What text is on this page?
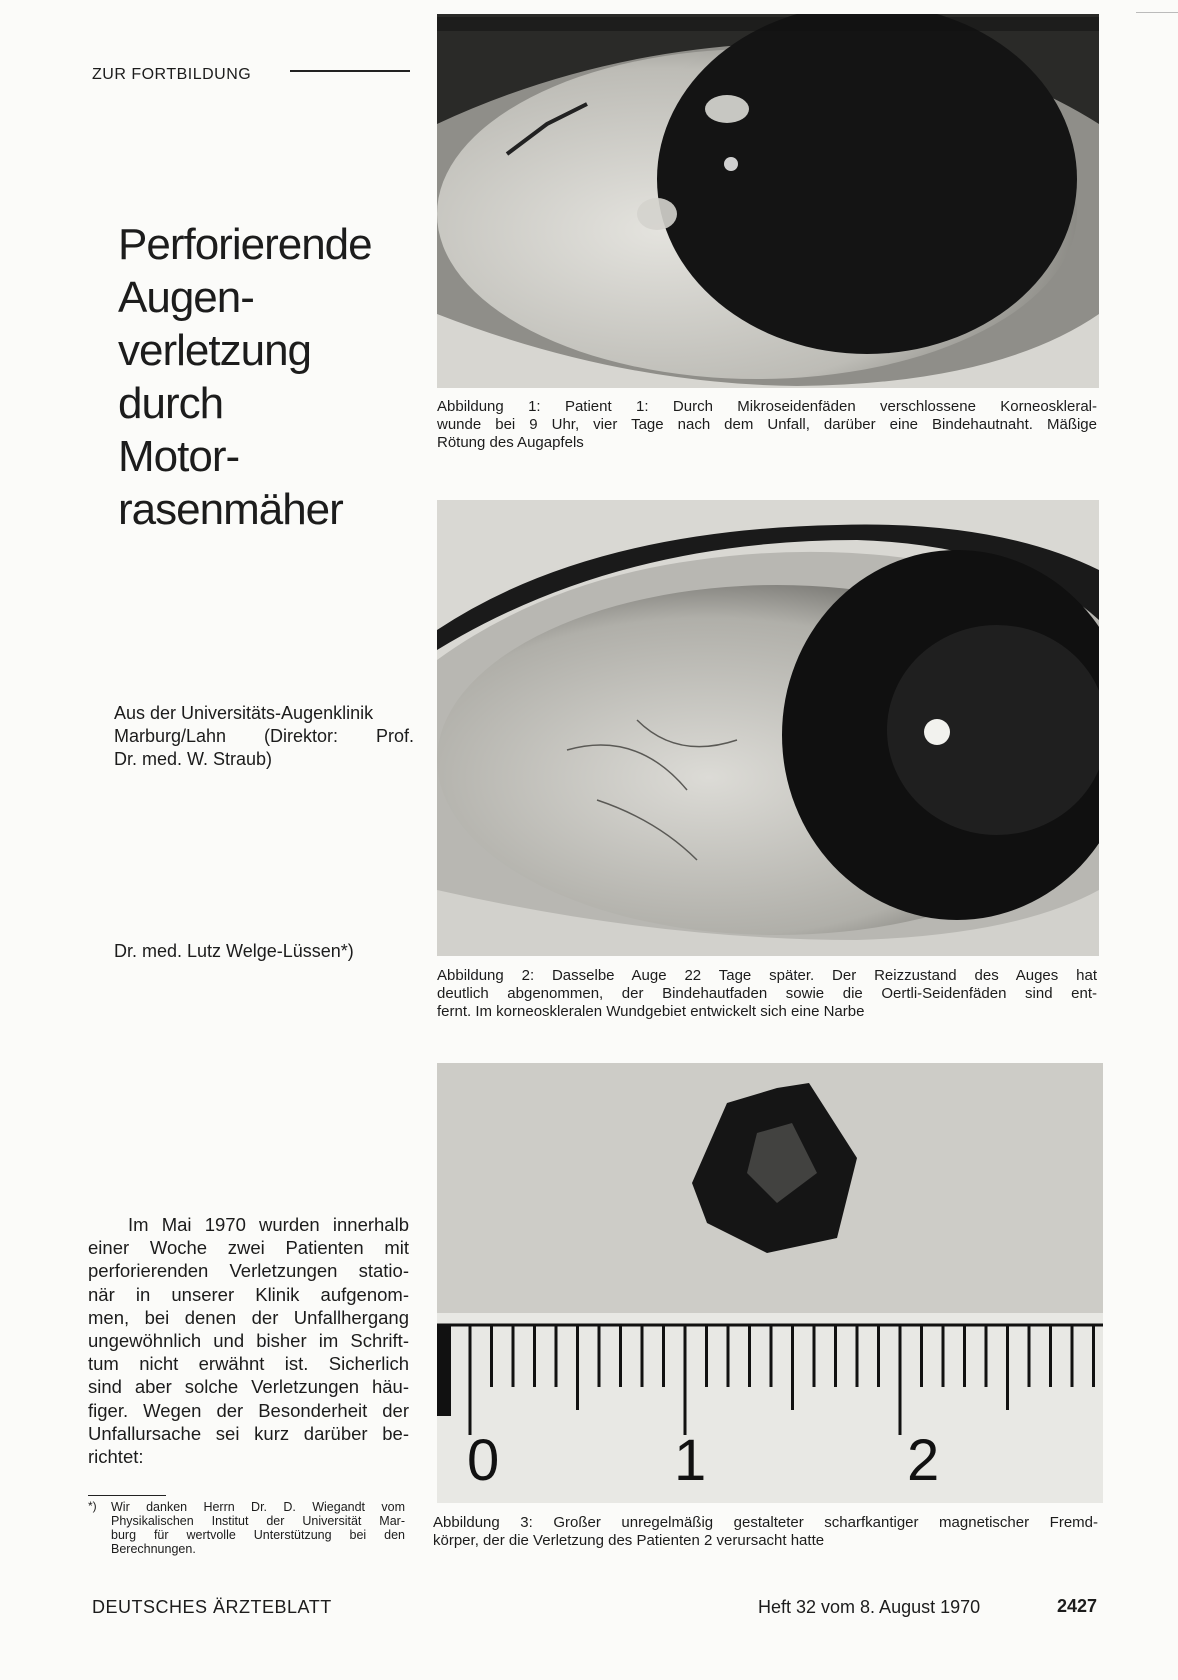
ZUR FORTBILDUNG
Perforierende
Augen-
verletzung
durch
Motor-
rasenmäher
Aus der Universitäts-Augenklinik
Marburg/Lahn (Direktor: Prof.
Dr. med. W. Straub)
Dr. med. Lutz Welge-Lüssen*)
Im Mai 1970 wurden innerhalb
einer Woche zwei Patienten mit
perforierenden Verletzungen statio-
när in unserer Klinik aufgenom-
men, bei denen der Unfallhergang
ungewöhnlich und bisher im Schrift-
tum nicht erwähnt ist. Sicherlich
sind aber solche Verletzungen häu-
figer. Wegen der Besonderheit der
Unfallursache sei kurz darüber be-
richtet:
*) Wir danken Herrn Dr. D. Wiegandt vom
Physikalischen Institut der Universität Mar-
burg für wertvolle Unterstützung bei den
Berechnungen.
Abbildung 1: Patient 1: Durch Mikroseidenfäden verschlossene Korneoskleral-
wunde bei 9 Uhr, vier Tage nach dem Unfall, darüber eine Bindehautnaht. Mäßige
Rötung des Augapfels
Abbildung 2: Dasselbe Auge 22 Tage später. Der Reizzustand des Auges hat
deutlich abgenommen, der Bindehautfaden sowie die Oertli-Seidenfäden sind ent-
fernt. Im korneoskleralen Wundgebiet entwickelt sich eine Narbe
0	1	2
Abbildung 3: Großer unregelmäßig gestalteter scharfkantiger magnetischer Fremd-
körper, der die Verletzung des Patienten 2 verursacht hatte
DEUTSCHES ÄRZTEBLATT	Heft 32 vom 8. August 1970	2427
